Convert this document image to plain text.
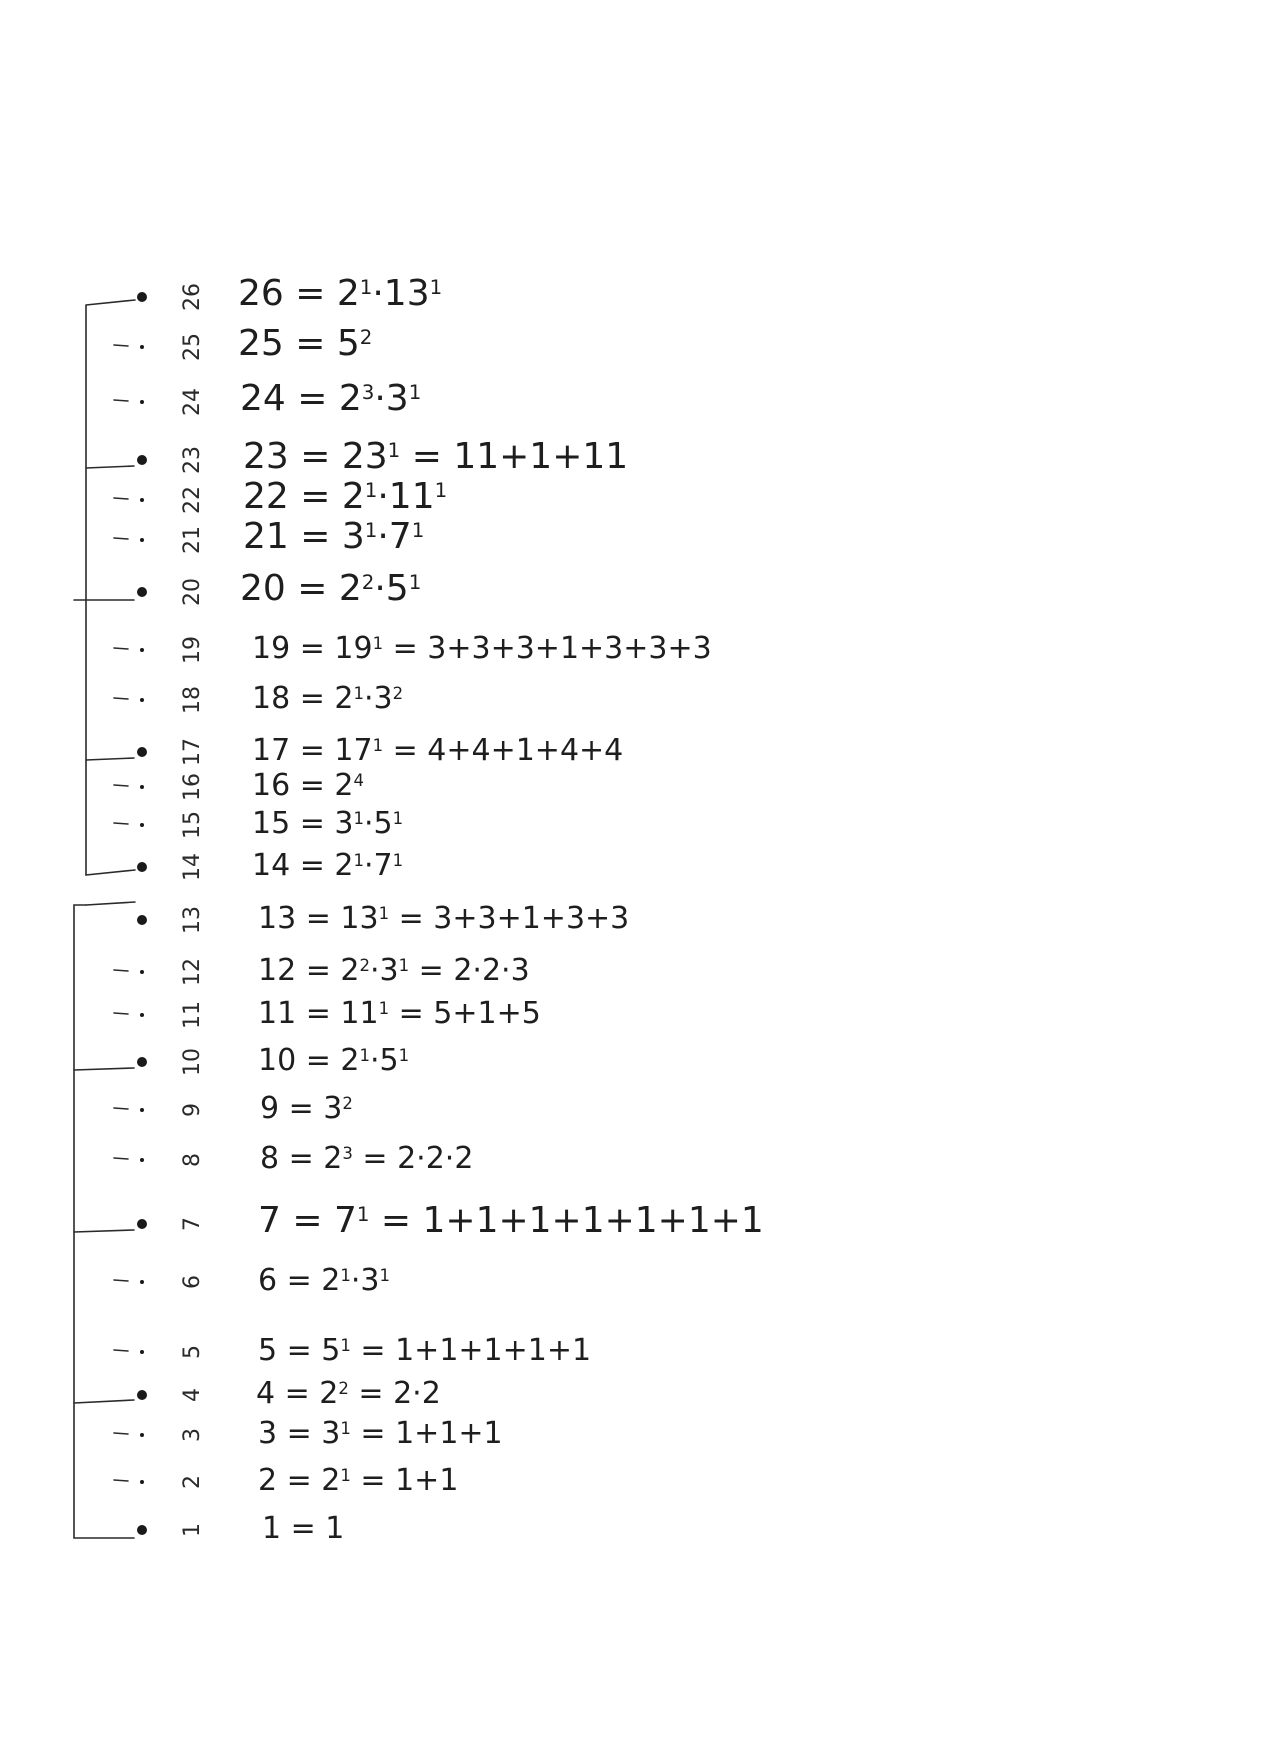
26 $26 = 2^1\cdot 13^1$
25 $25 = 5^2$
24 $24 = 2^3\cdot 3^1$
23 $23 = 23^1 = 11+1+11$
22 $22 = 2^1\cdot 11^1$
21 $21 = 3^1\cdot 7^1$
20 $20 = 2^2\cdot 5^1$
19 $19 = 19^1 = 3+3+3+1+3+3+3$
18 $18 = 2^1\cdot 3^2$
17 $17 = 17^1 = 4+4+1+4+4$
16 $16 = 2^4$
15 $15 = 3^1\cdot 5^1$
14 $14 = 2^1\cdot 7^1$
13 $13 = 13^1 = 3+3+1+3+3$
12 $12 = 2^2\cdot 3^1 = 2\cdot 2\cdot 3$
11 $11 = 11^1 = 5+1+5$
10 $10 = 2^1\cdot 5^1$
9 $9 = 3^2$
8 $8 = 2^3 = 2\cdot 2\cdot 2$
7 $7 = 7^1 = 1+1+1+1+1+1+1$
6 $6 = 2^1\cdot 3^1$
5 $5 = 5^1 = 1+1+1+1+1$
4 $4 = 2^2 = 2\cdot 2$
3 $3 = 3^1 = 1+1+1$
2 $2 = 2^1 = 1+1$
1 1 = 1
